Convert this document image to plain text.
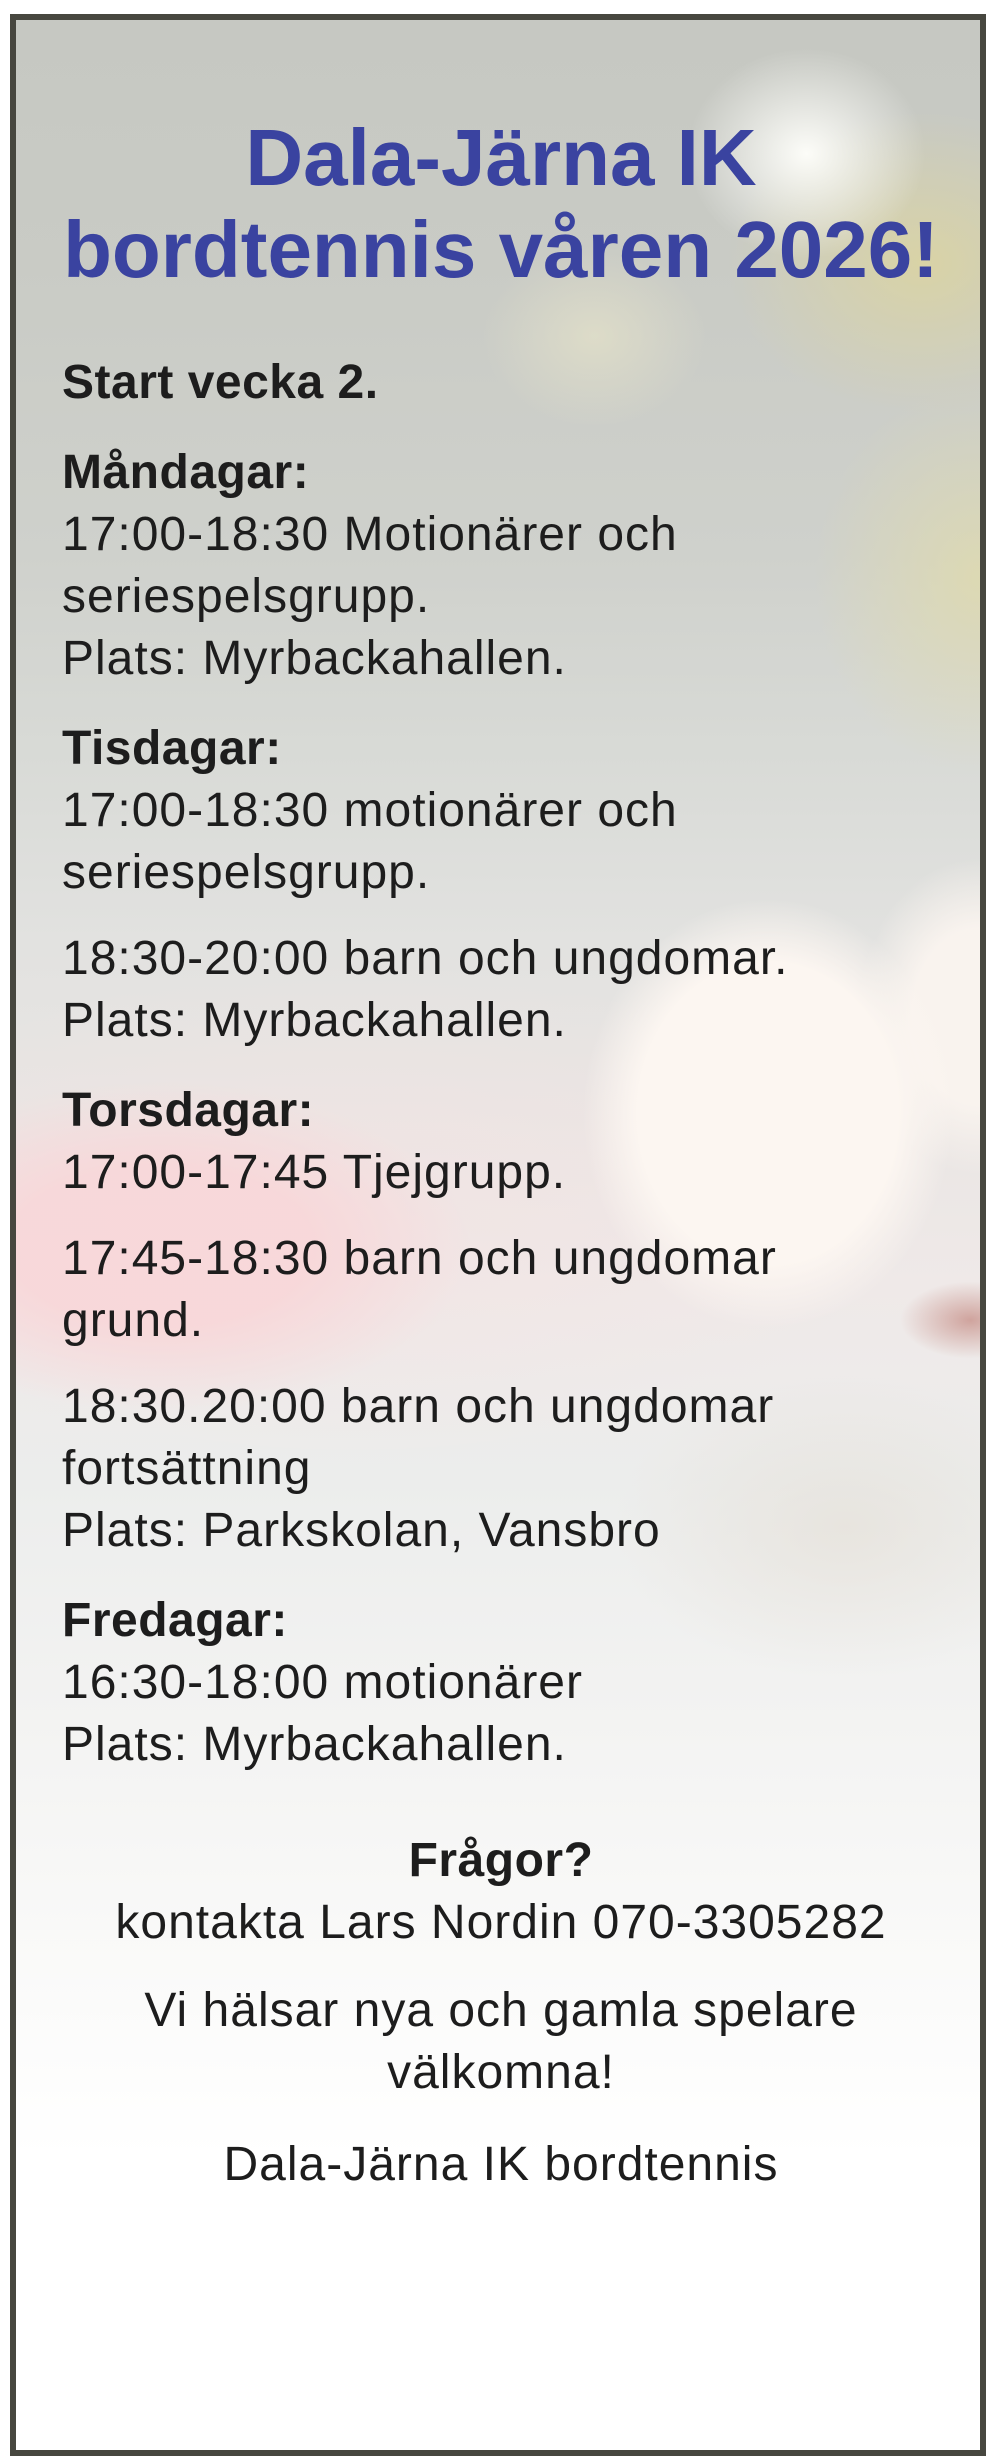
Dala-Järna IK
bordtennis våren 2026!

Start vecka 2.

Måndagar:

17:00-18:30 Motionärer och

seriespelsgrupp.

Plats: Myrbackahallen.

Tisdagar:

17:00-18:30 motionärer och

seriespelsgrupp.

18:30-20:00 barn och ungdomar.

Plats: Myrbackahallen.

Torsdagar:

17:00-17:45 Tjejgrupp.

17:45-18:30 barn och ungdomar

grund.

18:30.20:00 barn och ungdomar

fortsättning

Plats: Parkskolan, Vansbro

Fredagar:

16:30-18:00 motionärer

Plats: Myrbackahallen.

Frågor?

kontakta Lars Nordin 070-3305282

Vi hälsar nya och gamla spelare

välkomna!

Dala-Järna IK bordtennis
